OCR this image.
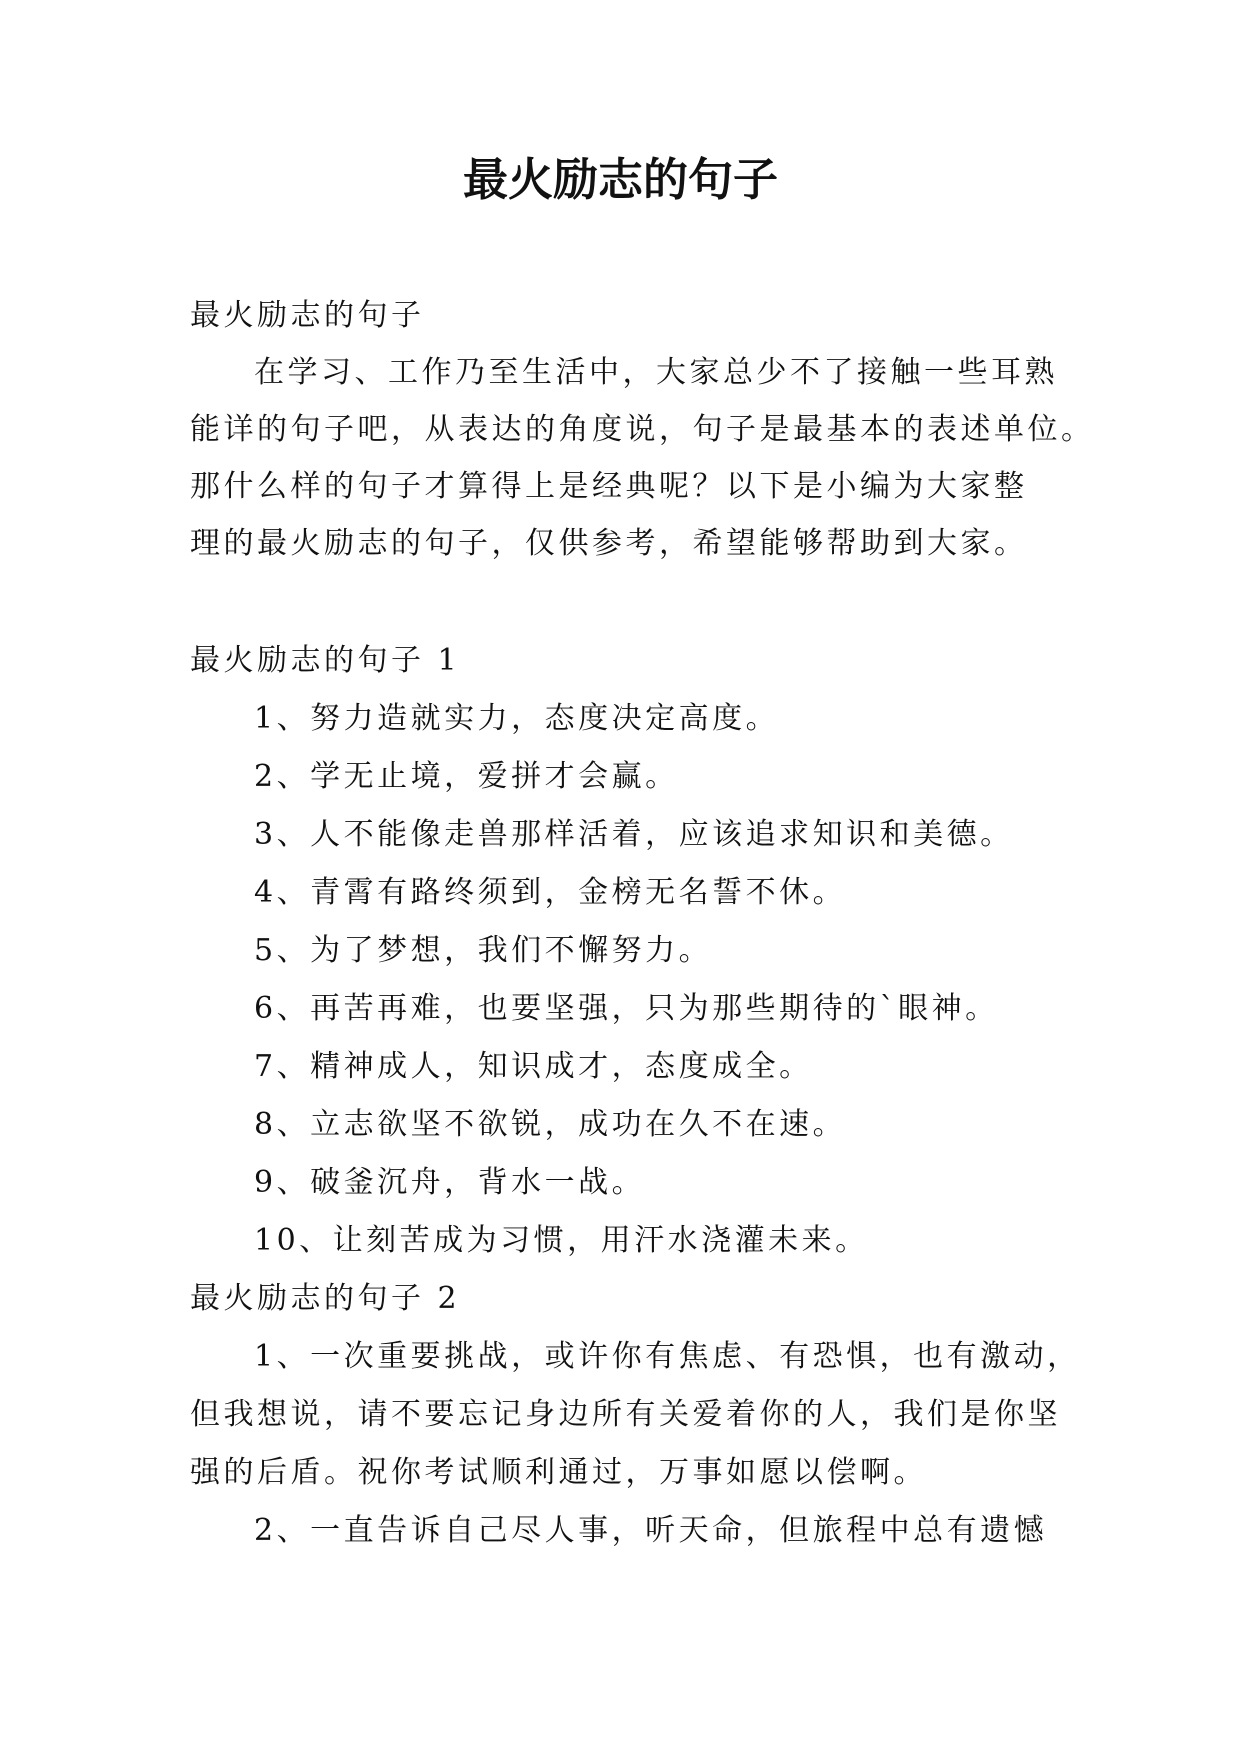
最火励志的句子

最火励志的句子

在学习、工作乃至生活中，大家总少不了接触一些耳熟

能详的句子吧，从表达的角度说，句子是最基本的表述单位。

那什么样的句子才算得上是经典呢？以下是小编为大家整

理的最火励志的句子，仅供参考，希望能够帮助到大家。

最火励志的句子 1

1、努力造就实力，态度决定高度。

2、学无止境，爱拼才会赢。

3、人不能像走兽那样活着，应该追求知识和美德。

4、青霄有路终须到，金榜无名誓不休。

5、为了梦想，我们不懈努力。

6、再苦再难，也要坚强，只为那些期待的`眼神。

7、精神成人，知识成才，态度成全。

8、立志欲坚不欲锐，成功在久不在速。

9、破釜沉舟，背水一战。

10、让刻苦成为习惯，用汗水浇灌未来。

最火励志的句子 2

1、一次重要挑战，或许你有焦虑、有恐惧，也有激动，

但我想说，请不要忘记身边所有关爱着你的人，我们是你坚

强的后盾。祝你考试顺利通过，万事如愿以偿啊。

2、一直告诉自己尽人事，听天命，但旅程中总有遗憾
